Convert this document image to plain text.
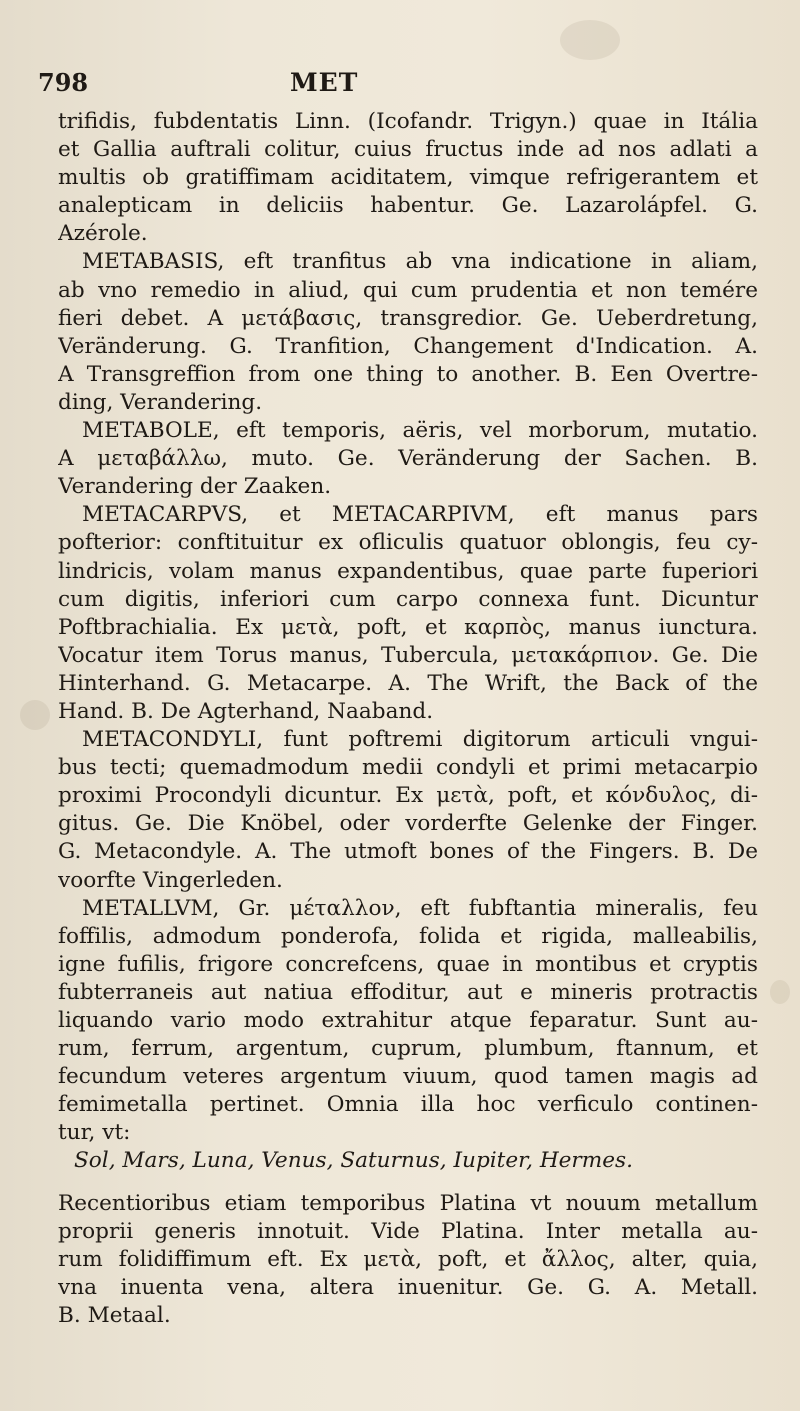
798	MET
trifidis, fubdentatis Linn. (Icofandr. Trigyn.) quae in Itália
et Gallia auftrali colitur, cuius fructus inde ad nos adlati a
multis ob gratiffimam aciditatem, vimque refrigerantem et
analepticam in deliciis habentur. Ge. Lazarolápfel. G.
Azérole.
METABASIS, eft tranfitus ab vna indicatione in aliam,
ab vno remedio in aliud, qui cum prudentia et non temére
fieri debet. A μετάβασις, transgredior. Ge. Ueberdretung,
Veränderung. G. Tranfition, Changement d'Indication. A.
A Transgreffion from one thing to another. B. Een Overtre-
ding, Verandering.
METABOLE, eft temporis, aëris, vel morborum, mutatio.
A μεταβάλλω, muto. Ge. Veränderung der Sachen. B.
Verandering der Zaaken.
METACARPVS, et METACARPIVM, eft manus pars
pofterior: conftituitur ex ofliculis quatuor oblongis, feu cy-
lindricis, volam manus expandentibus, quae parte fuperiori
cum digitis, inferiori cum carpo connexa funt. Dicuntur
Poftbrachialia. Ex μετὰ, poft, et καρπὸς, manus iunctura.
Vocatur item Torus manus, Tubercula, μετακάρπιον. Ge. Die
Hinterhand. G. Metacarpe. A. The Wrift, the Back of the
Hand. B. De Agterhand, Naaband.
METACONDYLI, funt poftremi digitorum articuli vngui-
bus tecti; quemadmodum medii condyli et primi metacarpio
proximi Procondyli dicuntur. Ex μετὰ, poft, et κόνδυλος, di-
gitus. Ge. Die Knöbel, oder vorderfte Gelenke der Finger.
G. Metacondyle. A. The utmoft bones of the Fingers. B. De
voorfte Vingerleden.
METALLVM, Gr. μέταλλον, eft fubftantia mineralis, feu
foffilis, admodum ponderofa, folida et rigida, malleabilis,
igne fufilis, frigore concrefcens, quae in montibus et cryptis
fubterraneis aut natiua effoditur, aut e mineris protractis
liquando vario modo extrahitur atque feparatur. Sunt au-
rum, ferrum, argentum, cuprum, plumbum, ftannum, et
fecundum veteres argentum viuum, quod tamen magis ad
femimetalla pertinet. Omnia illa hoc verficulo continen-
tur, vt:
Sol, Mars, Luna, Venus, Saturnus, Iupiter, Hermes.
Recentioribus etiam temporibus Platina vt nouum metallum
proprii generis innotuit. Vide Platina. Inter metalla au-
rum folidiffimum eft. Ex μετὰ, poft, et ἄλλος, alter, quia,
vna inuenta vena, altera inuenitur. Ge. G. A. Metall.
B. Metaal.
